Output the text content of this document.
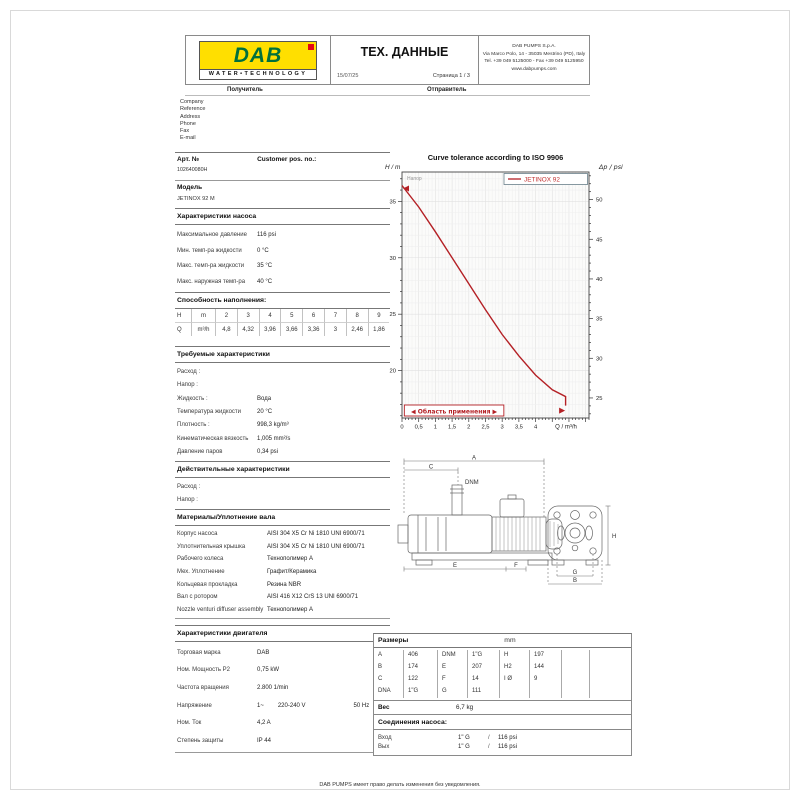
DAB
WATER•TECHNOLOGY
ТЕХ. ДАННЫЕ
15/07/25	Страница 1 / 3
DAB PUMPS S.p.A.
Via Marco Polo, 14 - 35035 Mestrino (PD), Italy
Tel. +39 049 5125000 - Fax +39 049 5125950
www.dabpumps.com
Получитель	Отправитель
Company
Reference
Address
Phone
Fax
E-mail
Арт. №	Customer pos. no.:
102640080H
Модель
JETINOX 92 M
Характеристики насоса
Максимальное давление	116 psi
Мин. темп-ра жидкости	0 °C
Макс. темп-ра жидкости	35 °C
Макс. наружная темп-ра	40 °C
Способность наполнения:
H	m	2	3	4	5	6	7	8	9
Q	m³/h	4,8	4,32	3,96	3,66	3,36	3	2,46	1,86
Требуемые характеристики
Расход :
Напор :
Жидкость :	Вода
Температура жидкости	20 °C
Плотность :	998,3 kg/m³
Кинематическая вязкость	1,005 mm²/s
Давление паров	0,34 psi
Действительные характеристики
Расход :
Напор :
Материалы/Уплотнение вала
Корпус насоса	AISI 304 X5 Cr Ni 1810 UNI 6900/71
Уплотнительная крышка	AISI 304 X5 Cr Ni 1810 UNI 6900/71
Рабочего колеса	Технополимер А
Мех. Уплотнение	Графит/Керамика
Кольцевая прокладка	Резина NBR
Вал с ротором	AISI 416 X12 CrS 13 UNI 6900/71
Nozzle venturi diffuser assembly Технополимер А
Характеристики двигателя
Торговая марка	DAB
Ном. Мощность P2	0,75 kW
Частота вращения	2.800 1/min
Напряжение	1~ 220-240 V	50 Hz
Ном. Ток	4,2 A
Степень защиты	IP 44
0 0,5 1 1,5 2 2,5 3 3,5 4	Q / m³/h
20
25
30
35
25
30
35
40
45
50
◀ Область применения ▶
JETINOX 92
Curve tolerance according to ISO 9906
H / m	Δp / psi
Напор
A
C
DNM
E	F
H
G
B
Размеры	mm
A	406	DNM	1"G	H	197
B	174	E	207	H2	144
C	122	F	14	I Ø	9
DNA	1"G	G	111
Вес	6,7 kg
Соединения насоса:
Вход	1" G	/	116 psi
Вых	1" G	/	116 psi
DAB PUMPS имеет право делать изменения без уведомления.
